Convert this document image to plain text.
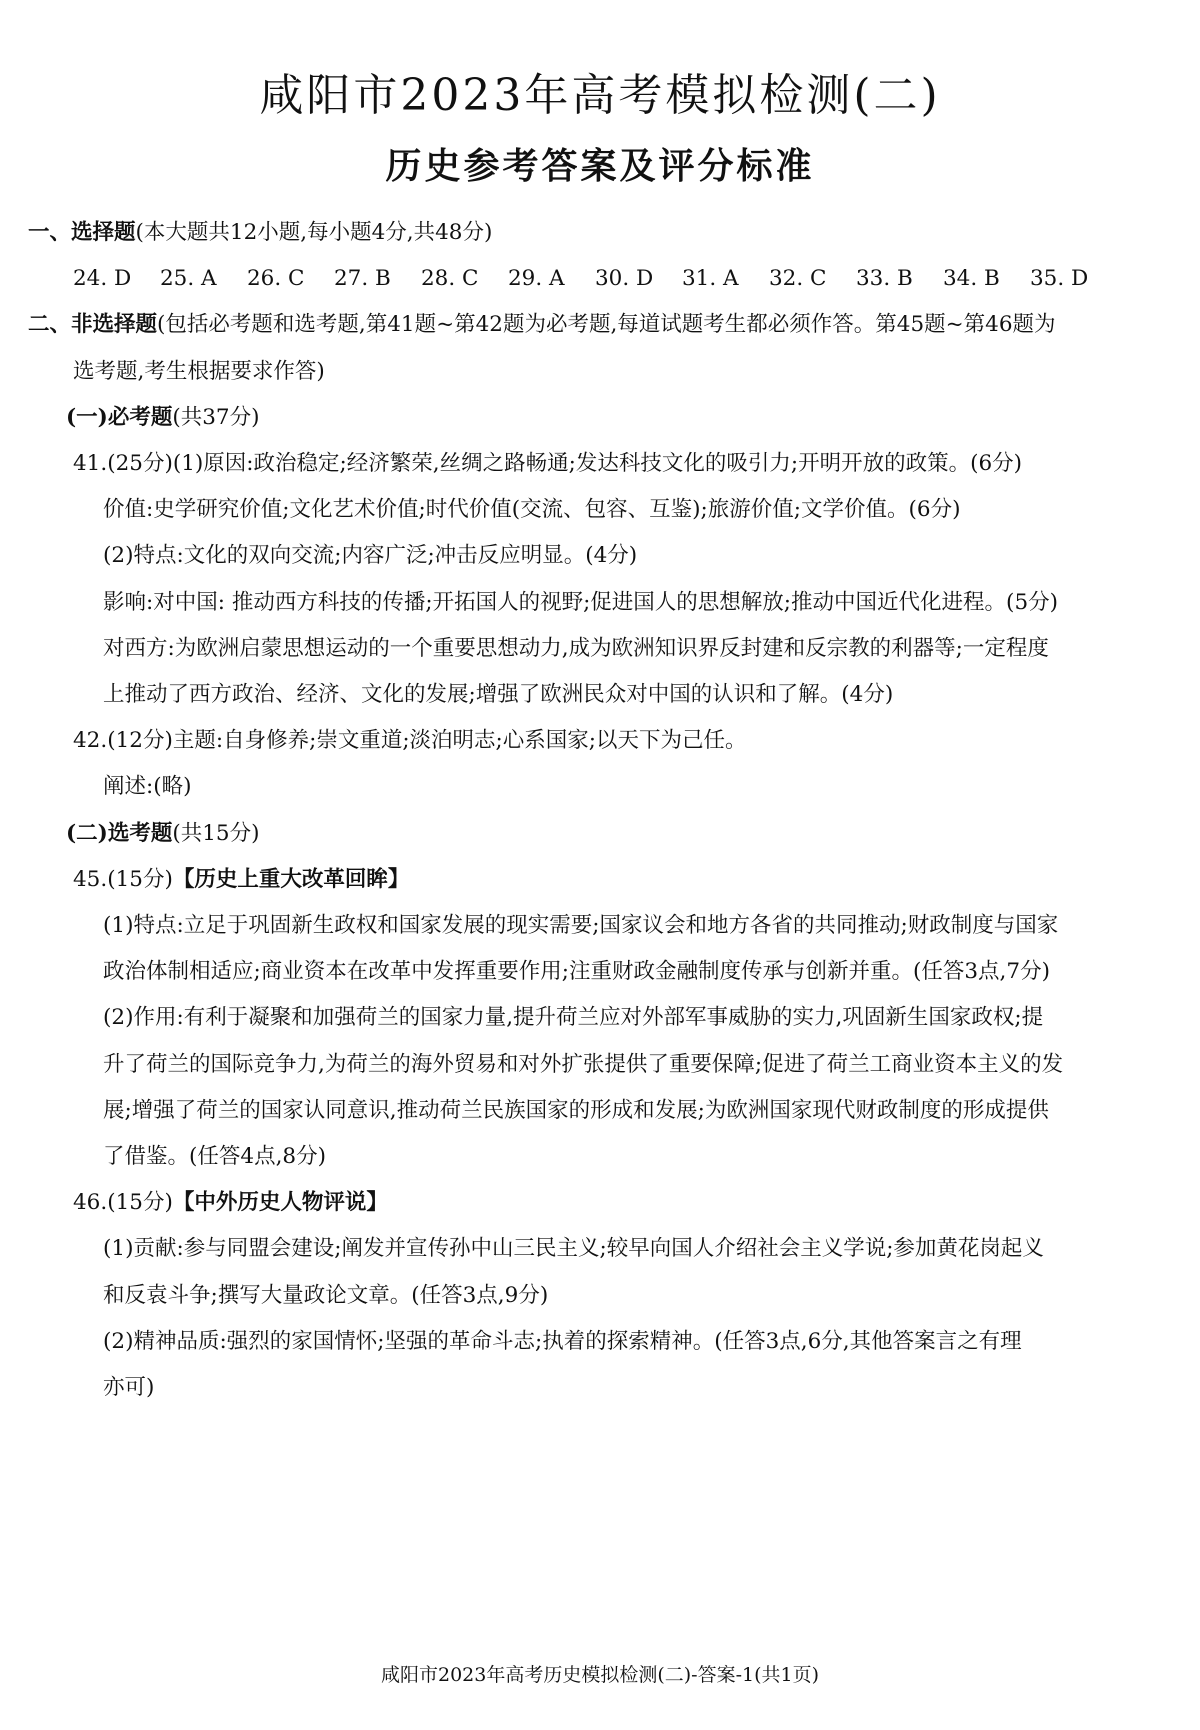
咸阳市2023年高考模拟检测(二)
历史参考答案及评分标准
一、选择题(本大题共12小题,每小题4分,共48分)
24. D	25. A	26. C	27. B	28. C	29. A	30. D	31. A	32. C	33. B	34. B	35. D
二、非选择题(包括必考题和选考题,第41题~第42题为必考题,每道试题考生都必须作答。第45题~第46题为
选考题,考生根据要求作答)
(一)必考题(共37分)
41.(25分)(1)原因:政治稳定;经济繁荣,丝绸之路畅通;发达科技文化的吸引力;开明开放的政策。(6分)
价值:史学研究价值;文化艺术价值;时代价值(交流、包容、互鉴);旅游价值;文学价值。(6分)
(2)特点:文化的双向交流;内容广泛;冲击反应明显。(4分)
影响:对中国: 推动西方科技的传播;开拓国人的视野;促进国人的思想解放;推动中国近代化进程。(5分)
对西方:为欧洲启蒙思想运动的一个重要思想动力,成为欧洲知识界反封建和反宗教的利器等;一定程度
上推动了西方政治、经济、文化的发展;增强了欧洲民众对中国的认识和了解。(4分)
42.(12分)主题:自身修养;崇文重道;淡泊明志;心系国家;以天下为己任。
阐述:(略)
(二)选考题(共15分)
45.(15分)【历史上重大改革回眸】
(1)特点:立足于巩固新生政权和国家发展的现实需要;国家议会和地方各省的共同推动;财政制度与国家
政治体制相适应;商业资本在改革中发挥重要作用;注重财政金融制度传承与创新并重。(任答3点,7分)
(2)作用:有利于凝聚和加强荷兰的国家力量,提升荷兰应对外部军事威胁的实力,巩固新生国家政权;提
升了荷兰的国际竞争力,为荷兰的海外贸易和对外扩张提供了重要保障;促进了荷兰工商业资本主义的发
展;增强了荷兰的国家认同意识,推动荷兰民族国家的形成和发展;为欧洲国家现代财政制度的形成提供
了借鉴。(任答4点,8分)
46.(15分)【中外历史人物评说】
(1)贡献:参与同盟会建设;阐发并宣传孙中山三民主义;较早向国人介绍社会主义学说;参加黄花岗起义
和反袁斗争;撰写大量政论文章。(任答3点,9分)
(2)精神品质:强烈的家国情怀;坚强的革命斗志;执着的探索精神。(任答3点,6分,其他答案言之有理
亦可)
咸阳市2023年高考历史模拟检测(二)-答案-1(共1页)
